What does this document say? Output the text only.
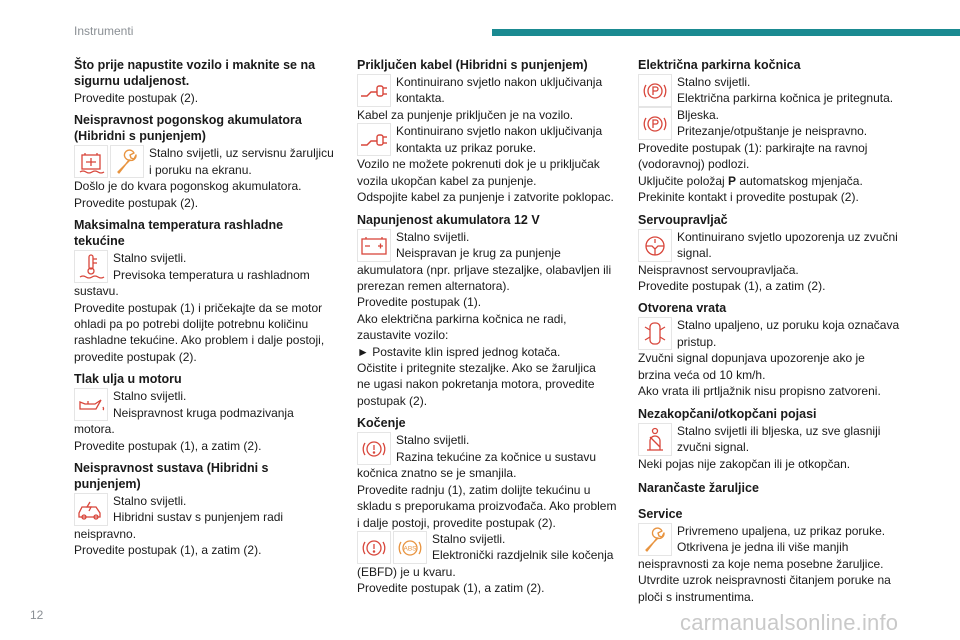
Instrumenti
Što prije napustite vozilo i maknite se na
sigurnu udaljenost.
Provedite postupak (2).
Neispravnost pogonskog akumulatora
(Hibridni s punjenjem)
Stalno svijetli, uz servisnu žaruljicu
i poruku na ekranu.
Došlo je do kvara pogonskog akumulatora.
Provedite postupak (2).
Maksimalna temperatura rashladne
tekućine
Stalno svijetli.
Previsoka temperatura u rashladnom
sustavu.
Provedite postupak (1) i pričekajte da se motor
ohladi pa po potrebi dolijte potrebnu količinu
rashladne tekućine. Ako problem i dalje postoji,
provedite postupak (2).
Tlak ulja u motoru
Stalno svijetli.
Neispravnost kruga podmazivanja
motora.
Provedite postupak (1), a zatim (2).
Neispravnost sustava (Hibridni s
punjenjem)
Stalno svijetli.
Hibridni sustav s punjenjem radi
neispravno.
Provedite postupak (1), a zatim (2).
Priključen kabel (Hibridni s punjenjem)
Kontinuirano svjetlo nakon uključivanja
kontakta.
Kabel za punjenje priključen je na vozilo.
Kontinuirano svjetlo nakon uključivanja
kontakta uz prikaz poruke.
Vozilo ne možete pokrenuti dok je u priključak
vozila ukopčan kabel za punjenje.
Odspojite kabel za punjenje i zatvorite poklopac.
Napunjenost akumulatora 12 V
Stalno svijetli.
Neispravan je krug za punjenje
akumulatora (npr. prljave stezaljke, olabavljen ili
prerezan remen alternatora).
Provedite postupak (1).
Ako električna parkirna kočnica ne radi,
zaustavite vozilo:
► Postavite klin ispred jednog kotača.
Očistite i pritegnite stezaljke. Ako se žaruljica
ne ugasi nakon pokretanja motora, provedite
postupak (2).
Kočenje
Stalno svijetli.
Razina tekućine za kočnice u sustavu
kočnica znatno se je smanjila.
Provedite radnju (1), zatim dolijte tekućinu u
skladu s preporukama proizvođača. Ako problem
i dalje postoji, provedite postupak (2).
ABS
Stalno svijetli.
Elektronički razdjelnik sile kočenja
(EBFD) je u kvaru.
Provedite postupak (1), a zatim (2).
Električna parkirna kočnica
Stalno svijetli.
Električna parkirna kočnica je pritegnuta.
Bljeska.
Pritezanje/otpuštanje je neispravno.
Provedite postupak (1): parkirajte na ravnoj
(vodoravnoj) podlozi.
Uključite položaj P automatskog mjenjača.
Prekinite kontakt i provedite postupak (2).
Servoupravljač
Kontinuirano svjetlo upozorenja uz zvučni
signal.
Neispravnost servoupravljača.
Provedite postupak (1), a zatim (2).
Otvorena vrata
Stalno upaljeno, uz poruku koja označava
pristup.
Zvučni signal dopunjava upozorenje ako je
brzina veća od 10 km/h.
Ako vrata ili prtljažnik nisu propisno zatvoreni.
Nezakopčani/otkopčani pojasi
Stalno svijetli ili bljeska, uz sve glasniji
zvučni signal.
Neki pojas nije zakopčan ili je otkopčan.
Narančaste žaruljice
Service
Privremeno upaljena, uz prikaz poruke.
Otkrivena je jedna ili više manjih
neispravnosti za koje nema posebne žaruljice.
Utvrdite uzrok neispravnosti čitanjem poruke na
ploči s instrumentima.
12	carmanualsonline.info
